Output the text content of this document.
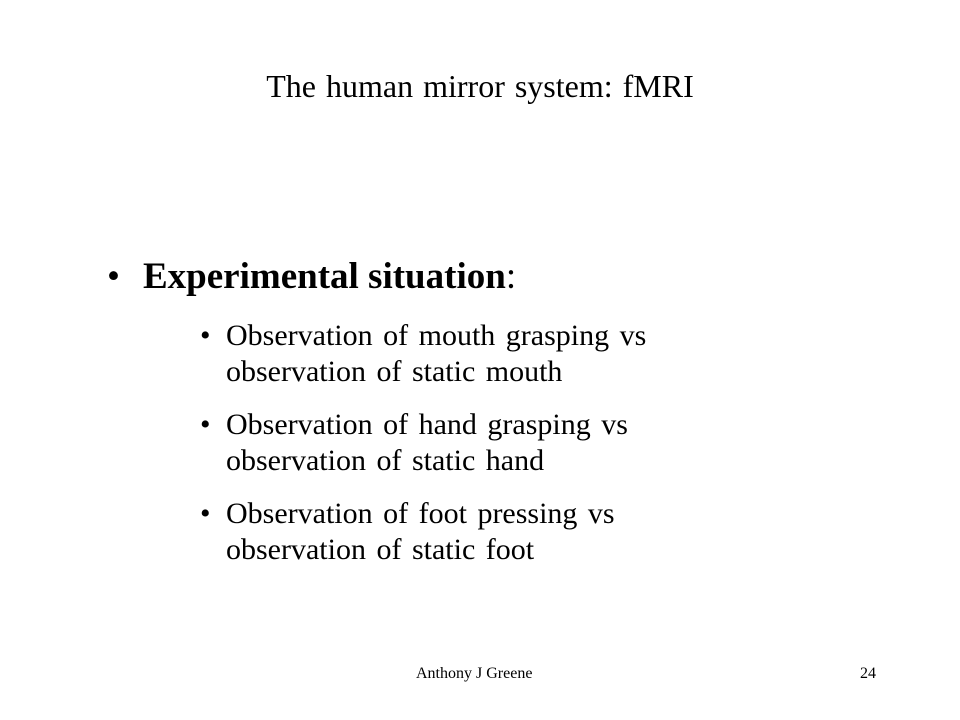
The human mirror system: fMRI
• Experimental situation:
• Observation of mouth grasping vs
observation of static mouth
• Observation of hand grasping vs
observation of static hand
• Observation of foot pressing vs
observation of static foot
Anthony J Greene	24
